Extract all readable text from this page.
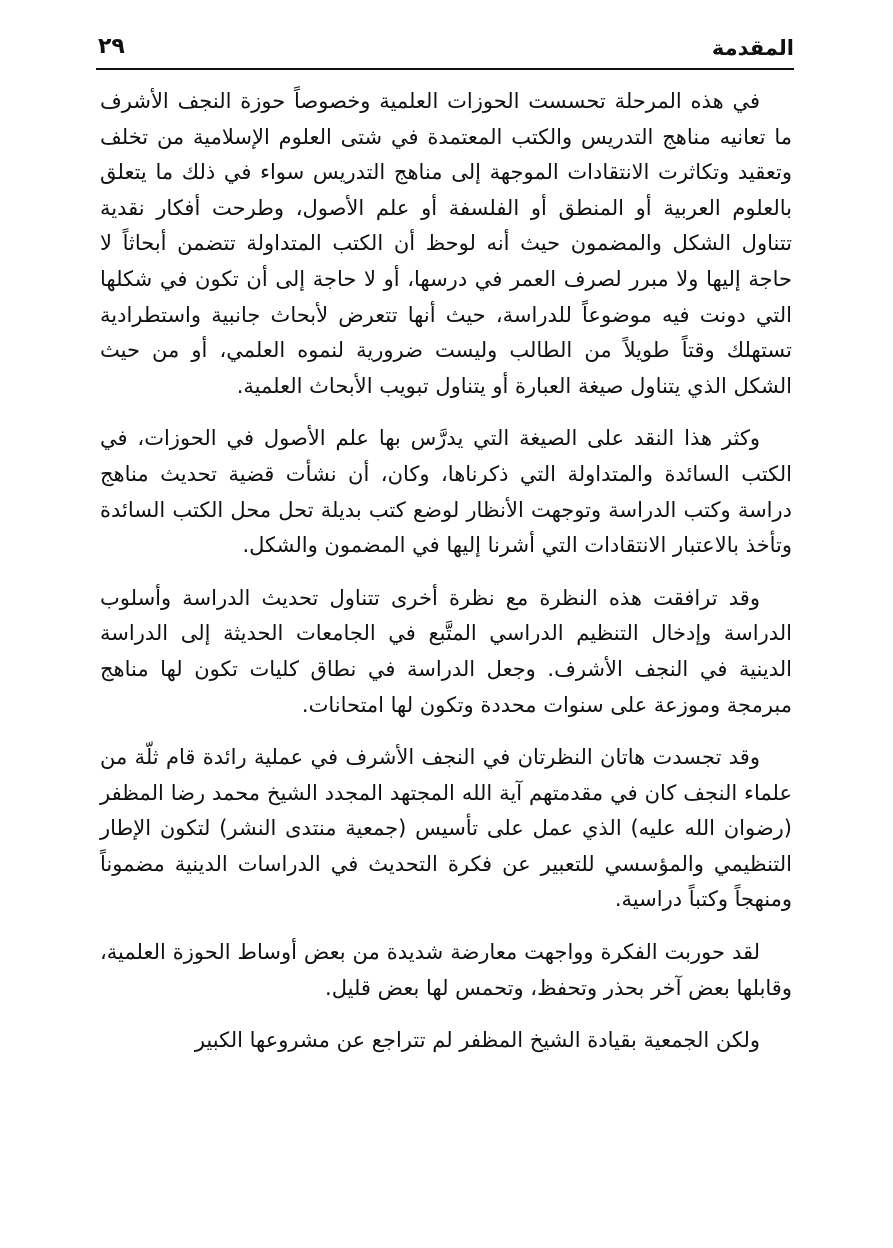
المقدمة
٢٩

في هذه المرحلة تحسست الحوزات العلمية وخصوصاً حوزة النجف الأشرف ما تعانيه مناهج التدريس والكتب المعتمدة في شتى العلوم الإسلامية من تخلف وتعقيد وتكاثرت الانتقادات الموجهة إلى مناهج التدريس سواء في ذلك ما يتعلق بالعلوم العربية أو المنطق أو الفلسفة أو علم الأصول، وطرحت أفكار نقدية تتناول الشكل والمضمون حيث أنه لوحظ أن الكتب المتداولة تتضمن أبحاثاً لا حاجة إليها ولا مبرر لصرف العمر في درسها، أو لا حاجة إلى أن تكون في شكلها التي دونت فيه موضوعاً للدراسة، حيث أنها تتعرض لأبحاث جانبية واستطرادية تستهلك وقتاً طويلاً من الطالب وليست ضرورية لنموه العلمي، أو من حيث الشكل الذي يتناول صيغة العبارة أو يتناول تبويب الأبحاث العلمية.

وكثر هذا النقد على الصيغة التي يدرَّس بها علم الأصول في الحوزات، في الكتب السائدة والمتداولة التي ذكرناها، وكان، أن نشأت قضية تحديث مناهج دراسة وكتب الدراسة وتوجهت الأنظار لوضع كتب بديلة تحل محل الكتب السائدة وتأخذ بالاعتبار الانتقادات التي أشرنا إليها في المضمون والشكل.

وقد ترافقت هذه النظرة مع نظرة أخرى تتناول تحديث الدراسة وأسلوب الدراسة وإدخال التنظيم الدراسي المتَّبع في الجامعات الحديثة إلى الدراسة الدينية في النجف الأشرف. وجعل الدراسة في نطاق كليات تكون لها مناهج مبرمجة وموزعة على سنوات محددة وتكون لها امتحانات.

وقد تجسدت هاتان النظرتان في النجف الأشرف في عملية رائدة قام ثلّة من علماء النجف كان في مقدمتهم آية الله المجتهد المجدد الشيخ محمد رضا المظفر (رضوان الله عليه) الذي عمل على تأسيس (جمعية منتدى النشر) لتكون الإطار التنظيمي والمؤسسي للتعبير عن فكرة التحديث في الدراسات الدينية مضموناً ومنهجاً وكتباً دراسية.

لقد حوربت الفكرة وواجهت معارضة شديدة من بعض أوساط الحوزة العلمية، وقابلها بعض آخر بحذر وتحفظ، وتحمس لها بعض قليل.

ولكن الجمعية بقيادة الشيخ المظفر لم تتراجع عن مشروعها الكبير
